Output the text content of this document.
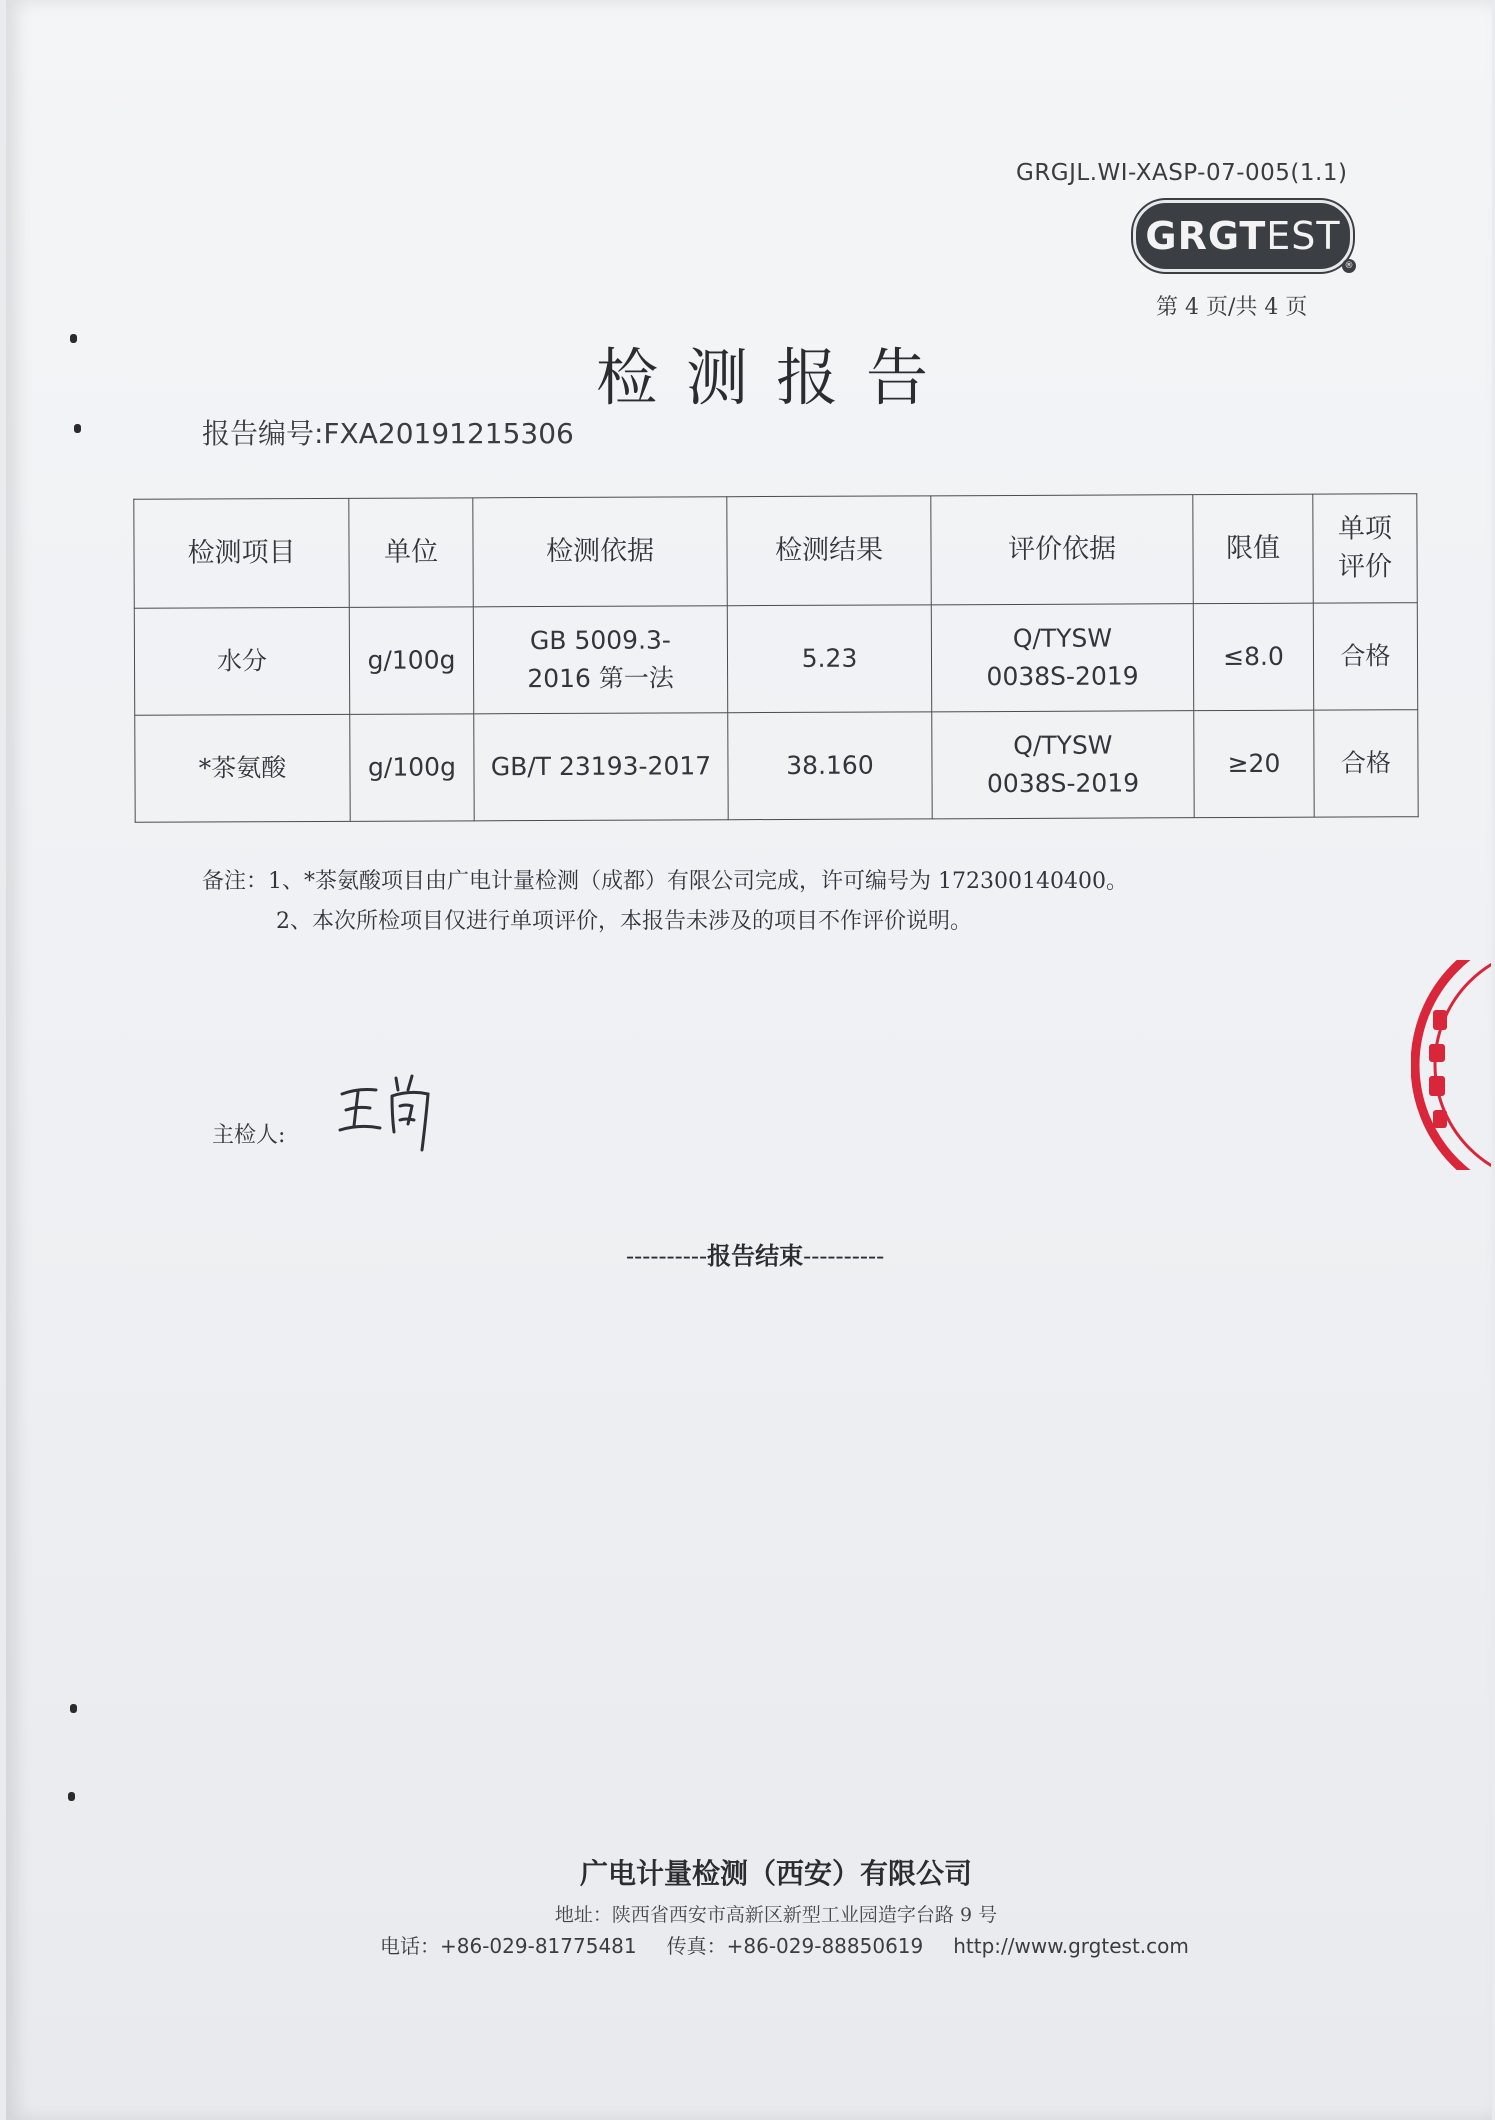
GRGJL.WI-XASP-07-005(1.1)
GRGTEST
®
第 4 页/共 4 页
检测报告
报告编号:FXA20191215306
检测项目	单位	检测依据	检测结果	评价依据	限值	单项评价
水分	g/100g	GB 5009.3-2016 第一法	5.23	Q/TYSW 0038S-2019	≤8.0	合格
*茶氨酸	g/100g	GB/T 23193-2017	38.160	Q/TYSW 0038S-2019	≥20	合格
备注：1、*茶氨酸项目由广电计量检测（成都）有限公司完成，许可编号为 172300140400。
2、本次所检项目仅进行单项评价，本报告未涉及的项目不作评价说明。
主检人:
----------报告结束----------
广电计量检测（西安）有限公司
地址：陕西省西安市高新区新型工业园造字台路 9 号
电话：+86-029-81775481 传真：+86-029-88850619 http://www.grgtest.com
